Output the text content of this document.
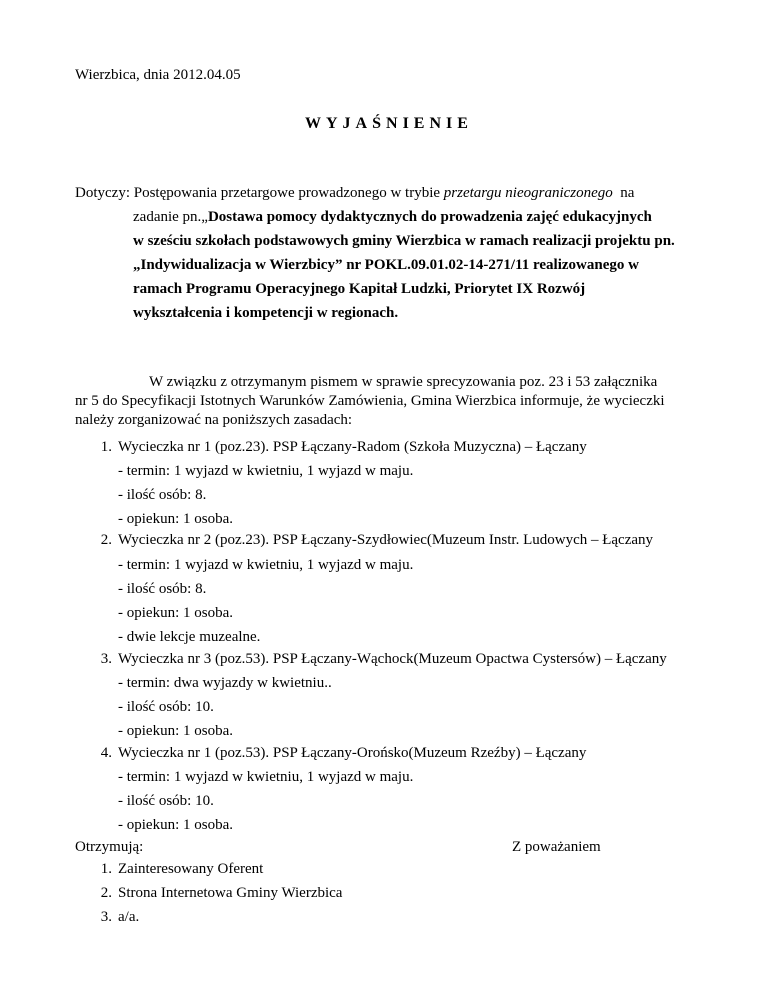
Wierzbica, dnia 2012.04.05
WYJAŚNIENIE
Dotyczy: Postępowania przetargowe prowadzonego w trybie przetargu nieograniczonego na
zadanie pn.„Dostawa pomocy dydaktycznych do prowadzenia zajęć edukacyjnych
w sześciu szkołach podstawowych gminy Wierzbica w ramach realizacji projektu pn.
„Indywidualizacja w Wierzbicy” nr POKL.09.01.02-14-271/11 realizowanego w
ramach Programu Operacyjnego Kapitał Ludzki, Priorytet IX Rozwój
wykształcenia i kompetencji w regionach.
W związku z otrzymanym pismem w sprawie sprecyzowania poz. 23 i 53 załącznika
nr 5 do Specyfikacji Istotnych Warunków Zamówienia, Gmina Wierzbica informuje, że wycieczki
należy zorganizować na poniższych zasadach:
1. Wycieczka nr 1 (poz.23). PSP Łączany-Radom (Szkoła Muzyczna) – Łączany
- termin: 1 wyjazd w kwietniu, 1 wyjazd w maju.
- ilość osób: 8.
- opiekun: 1 osoba.
2. Wycieczka nr 2 (poz.23). PSP Łączany-Szydłowiec(Muzeum Instr. Ludowych – Łączany
- termin: 1 wyjazd w kwietniu, 1 wyjazd w maju.
- ilość osób: 8.
- opiekun: 1 osoba.
- dwie lekcje muzealne.
3. Wycieczka nr 3 (poz.53). PSP Łączany-Wąchock(Muzeum Opactwa Cystersów) – Łączany
- termin: dwa wyjazdy w kwietniu..
- ilość osób: 10.
- opiekun: 1 osoba.
4. Wycieczka nr 1 (poz.53). PSP Łączany-Orońsko(Muzeum Rzeźby) – Łączany
- termin: 1 wyjazd w kwietniu, 1 wyjazd w maju.
- ilość osób: 10.
- opiekun: 1 osoba.
Otrzymują:	Z poważaniem
1. Zainteresowany Oferent
2. Strona Internetowa Gminy Wierzbica
3. a/a.
